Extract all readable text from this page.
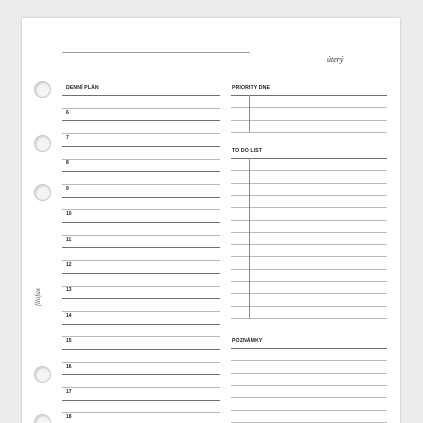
úterý
filofax
DENNÍ PLÁN
6
7
8
9
10
11
12
13
14
15
16
17
18
PRIORITY DNE
TO DO LIST
POZNÁMKY
